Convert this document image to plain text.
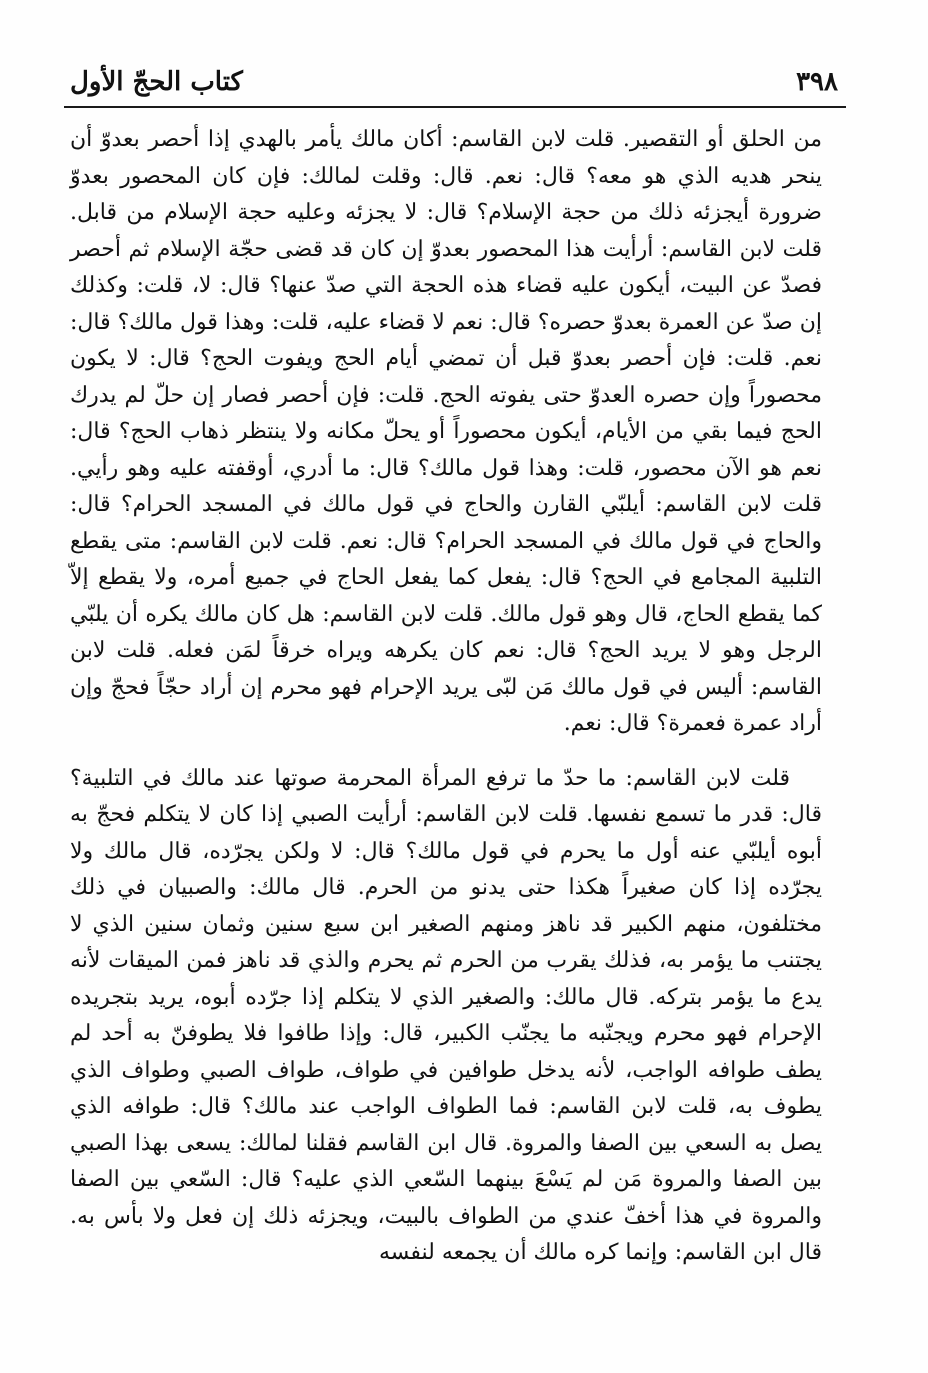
٣٩٨
كتاب الحجّ الأول

من الحلق أو التقصير. قلت لابن القاسم: أكان مالك يأمر بالهدي إذا أحصر بعدوّ أن ينحر هديه الذي هو معه؟ قال: نعم. قال: وقلت لمالك: فإن كان المحصور بعدوّ ضرورة أيجزئه ذلك من حجة الإسلام؟ قال: لا يجزئه وعليه حجة الإسلام من قابل. قلت لابن القاسم: أرأيت هذا المحصور بعدوّ إن كان قد قضى حجّة الإسلام ثم أحصر فصدّ عن البيت، أيكون عليه قضاء هذه الحجة التي صدّ عنها؟ قال: لا، قلت: وكذلك إن صدّ عن العمرة بعدوّ حصره؟ قال: نعم لا قضاء عليه، قلت: وهذا قول مالك؟ قال: نعم. قلت: فإن أحصر بعدوّ قبل أن تمضي أيام الحج ويفوت الحج؟ قال: لا يكون محصوراً وإن حصره العدوّ حتى يفوته الحج. قلت: فإن أحصر فصار إن حلّ لم يدرك الحج فيما بقي من الأيام، أيكون محصوراً أو يحلّ مكانه ولا ينتظر ذهاب الحج؟ قال: نعم هو الآن محصور، قلت: وهذا قول مالك؟ قال: ما أدري، أوقفته عليه وهو رأيي. قلت لابن القاسم: أيلبّي القارن والحاج في قول مالك في المسجد الحرام؟ قال: والحاج في قول مالك في المسجد الحرام؟ قال: نعم. قلت لابن القاسم: متى يقطع التلبية المجامع في الحج؟ قال: يفعل كما يفعل الحاج في جميع أمره، ولا يقطع إلاّ كما يقطع الحاج، قال وهو قول مالك. قلت لابن القاسم: هل كان مالك يكره أن يلبّي الرجل وهو لا يريد الحج؟ قال: نعم كان يكرهه ويراه خرقاً لمَن فعله. قلت لابن القاسم: أليس في قول مالك مَن لبّى يريد الإحرام فهو محرم إن أراد حجّاً فحجّ وإن أراد عمرة فعمرة؟ قال: نعم.

قلت لابن القاسم: ما حدّ ما ترفع المرأة المحرمة صوتها عند مالك في التلبية؟ قال: قدر ما تسمع نفسها. قلت لابن القاسم: أرأيت الصبي إذا كان لا يتكلم فحجّ به أبوه أيلبّي عنه أول ما يحرم في قول مالك؟ قال: لا ولكن يجرّده، قال مالك ولا يجرّده إذا كان صغيراً هكذا حتى يدنو من الحرم. قال مالك: والصبيان في ذلك مختلفون، منهم الكبير قد ناهز ومنهم الصغير ابن سبع سنين وثمان سنين الذي لا يجتنب ما يؤمر به، فذلك يقرب من الحرم ثم يحرم والذي قد ناهز فمن الميقات لأنه يدع ما يؤمر بتركه. قال مالك: والصغير الذي لا يتكلم إذا جرّده أبوه، يريد بتجريده الإحرام فهو محرم ويجنّبه ما يجنّب الكبير، قال: وإذا طافوا فلا يطوفنّ به أحد لم يطف طوافه الواجب، لأنه يدخل طوافين في طواف، طواف الصبي وطواف الذي يطوف به، قلت لابن القاسم: فما الطواف الواجب عند مالك؟ قال: طوافه الذي يصل به السعي بين الصفا والمروة. قال ابن القاسم فقلنا لمالك: يسعى بهذا الصبي بين الصفا والمروة مَن لم يَسْعَ بينهما السّعي الذي عليه؟ قال: السّعي بين الصفا والمروة في هذا أخفّ عندي من الطواف بالبيت، ويجزئه ذلك إن فعل ولا بأس به. قال ابن القاسم: وإنما كره مالك أن يجمعه لنفسه
